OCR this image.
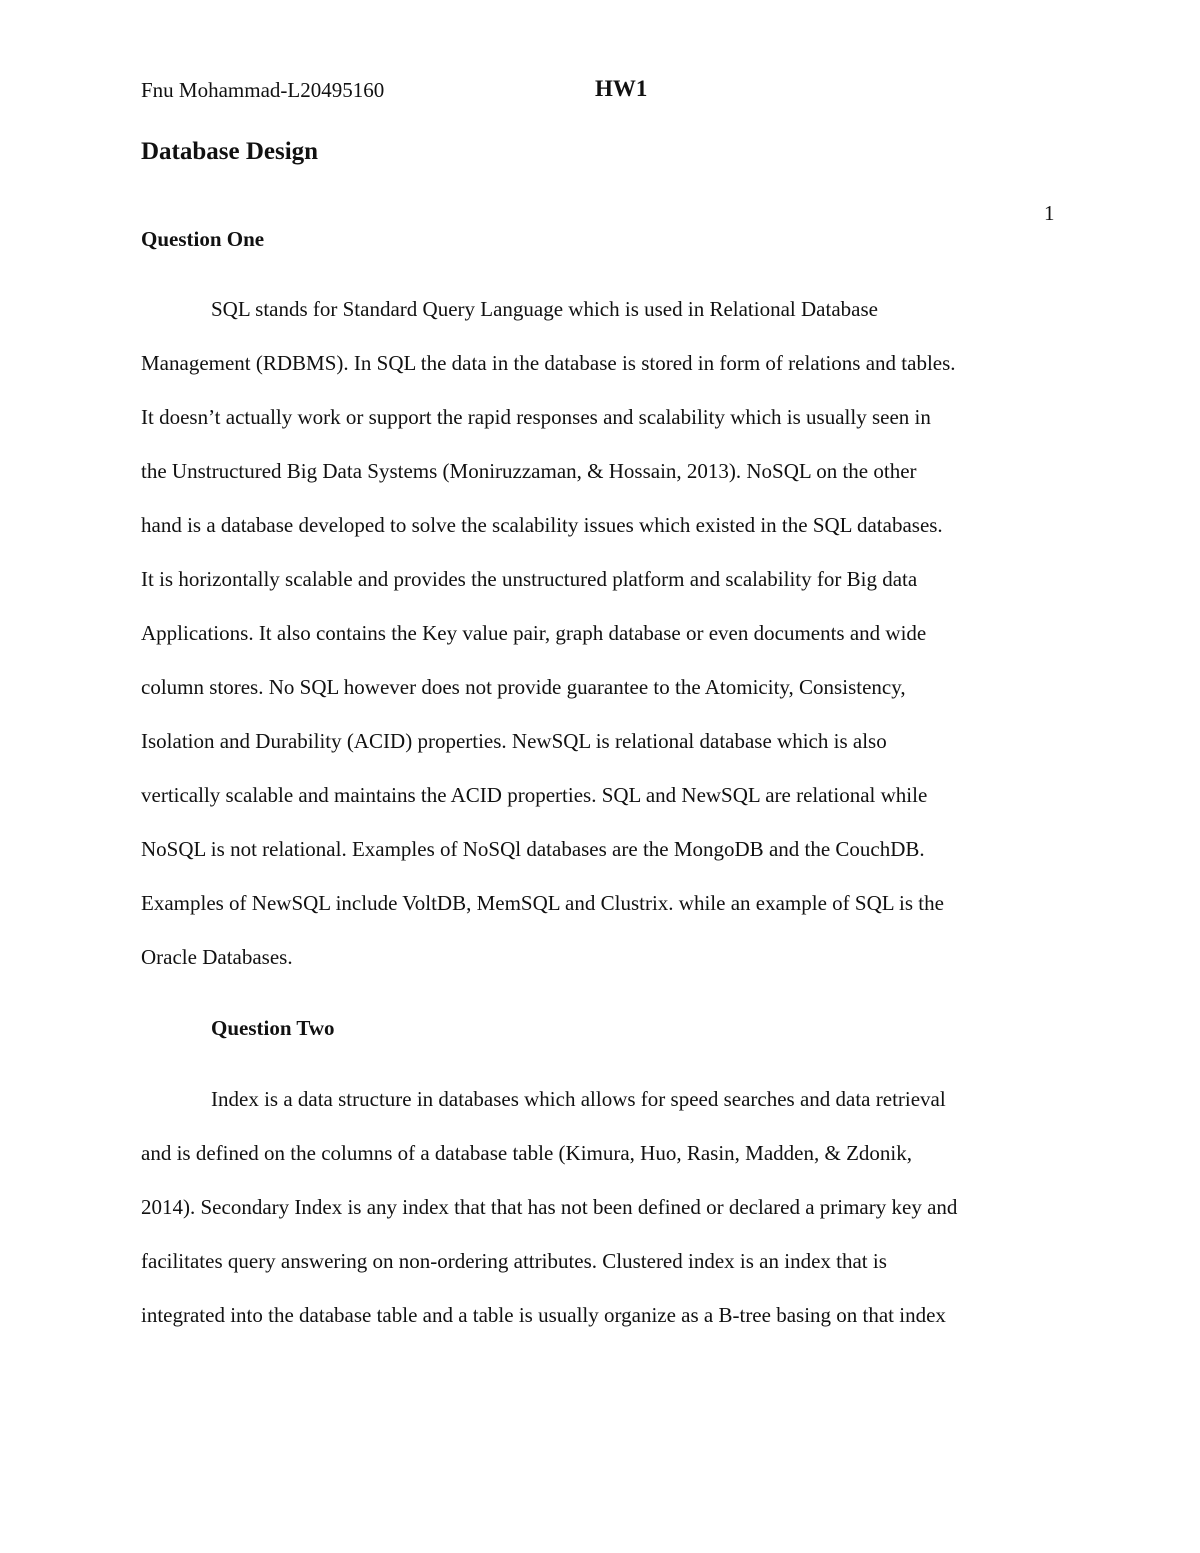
Fnu Mohammad-L20495160	HW1
Database Design
1
Question One
SQL stands for Standard Query Language which is used in Relational Database
Management (RDBMS). In SQL the data in the database is stored in form of relations and tables.
It doesn’t actually work or support the rapid responses and scalability which is usually seen in
the Unstructured Big Data Systems (Moniruzzaman, & Hossain, 2013). NoSQL on the other
hand is a database developed to solve the scalability issues which existed in the SQL databases.
It is horizontally scalable and provides the unstructured platform and scalability for Big data
Applications. It also contains the Key value pair, graph database or even documents and wide
column stores. No SQL however does not provide guarantee to the Atomicity, Consistency,
Isolation and Durability (ACID) properties. NewSQL is relational database which is also
vertically scalable and maintains the ACID properties. SQL and NewSQL are relational while
NoSQL is not relational. Examples of NoSQl databases are the MongoDB and the CouchDB.
Examples of NewSQL include VoltDB, MemSQL and Clustrix. while an example of SQL is the
Oracle Databases.
Question Two
Index is a data structure in databases which allows for speed searches and data retrieval
and is defined on the columns of a database table (Kimura, Huo, Rasin, Madden, & Zdonik,
2014). Secondary Index is any index that that has not been defined or declared a primary key and
facilitates query answering on non-ordering attributes. Clustered index is an index that is
integrated into the database table and a table is usually organize as a B-tree basing on that index
